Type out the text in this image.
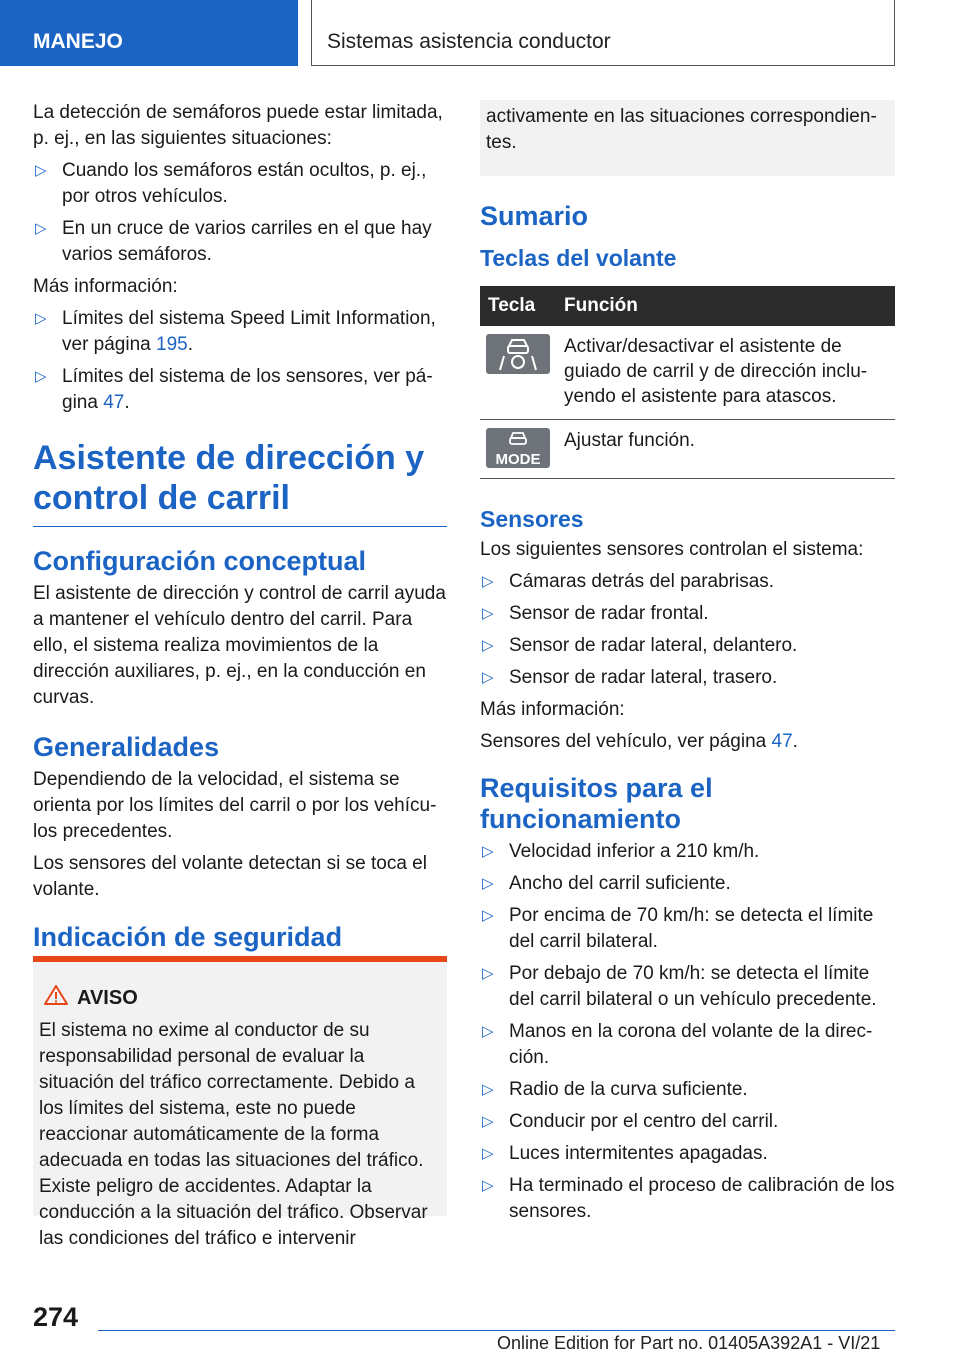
MANEJO	Sistemas asistencia conductor

La detección de semáforos puede estar limitada, p. ej., en las siguientes situaciones:

▷ Cuando los semáforos están ocultos, p. ej., por otros vehículos.
▷ En un cruce de varios carriles en el que hay varios semáforos.

Más información:

▷ Límites del sistema Speed Limit Information, ver página 195.
▷ Límites del sistema de los sensores, ver página 47.
Asistente de dirección y control de carril
Configuración conceptual

El asistente de dirección y control de carril ayuda a mantener el vehículo dentro del carril. Para ello, el sistema realiza movimientos de la dirección auxiliares, p. ej., en la conducción en curvas.

Generalidades

Dependiendo de la velocidad, el sistema se orienta por los límites del carril o por los vehículos precedentes.

Los sensores del volante detectan si se toca el volante.

Indicación de seguridad
AVISO
El sistema no exime al conductor de su responsabilidad personal de evaluar la situación del tráfico correctamente. Debido a los límites del sistema, este no puede reaccionar automáticamente de la forma adecuada en todas las situaciones del tráfico. Existe peligro de accidentes. Adaptar la conducción a la situación del tráfico. Observar las condiciones del tráfico e intervenir
activamente en las situaciones correspondientes.
Sumario
Teclas del volante
Tecla	Función

	Activar/desactivar el asistente de guiado de carril y de dirección incluyendo el asistente para atascos.

MODE	Ajustar función.
Sensores

Los siguientes sensores controlan el sistema:

▷ Cámaras detrás del parabrisas.
▷ Sensor de radar frontal.
▷ Sensor de radar lateral, delantero.
▷ Sensor de radar lateral, trasero.

Más información:

Sensores del vehículo, ver página 47.

Requisitos para el funcionamiento
▷ Velocidad inferior a 210 km/h.
▷ Ancho del carril suficiente.
▷ Por encima de 70 km/h: se detecta el límite del carril bilateral.
▷ Por debajo de 70 km/h: se detecta el límite del carril bilateral o un vehículo precedente.
▷ Manos en la corona del volante de la dirección.
▷ Radio de la curva suficiente.
▷ Conducir por el centro del carril.
▷ Luces intermitentes apagadas.
▷ Ha terminado el proceso de calibración de los sensores.
274
Online Edition for Part no. 01405A392A1 - VI/21
